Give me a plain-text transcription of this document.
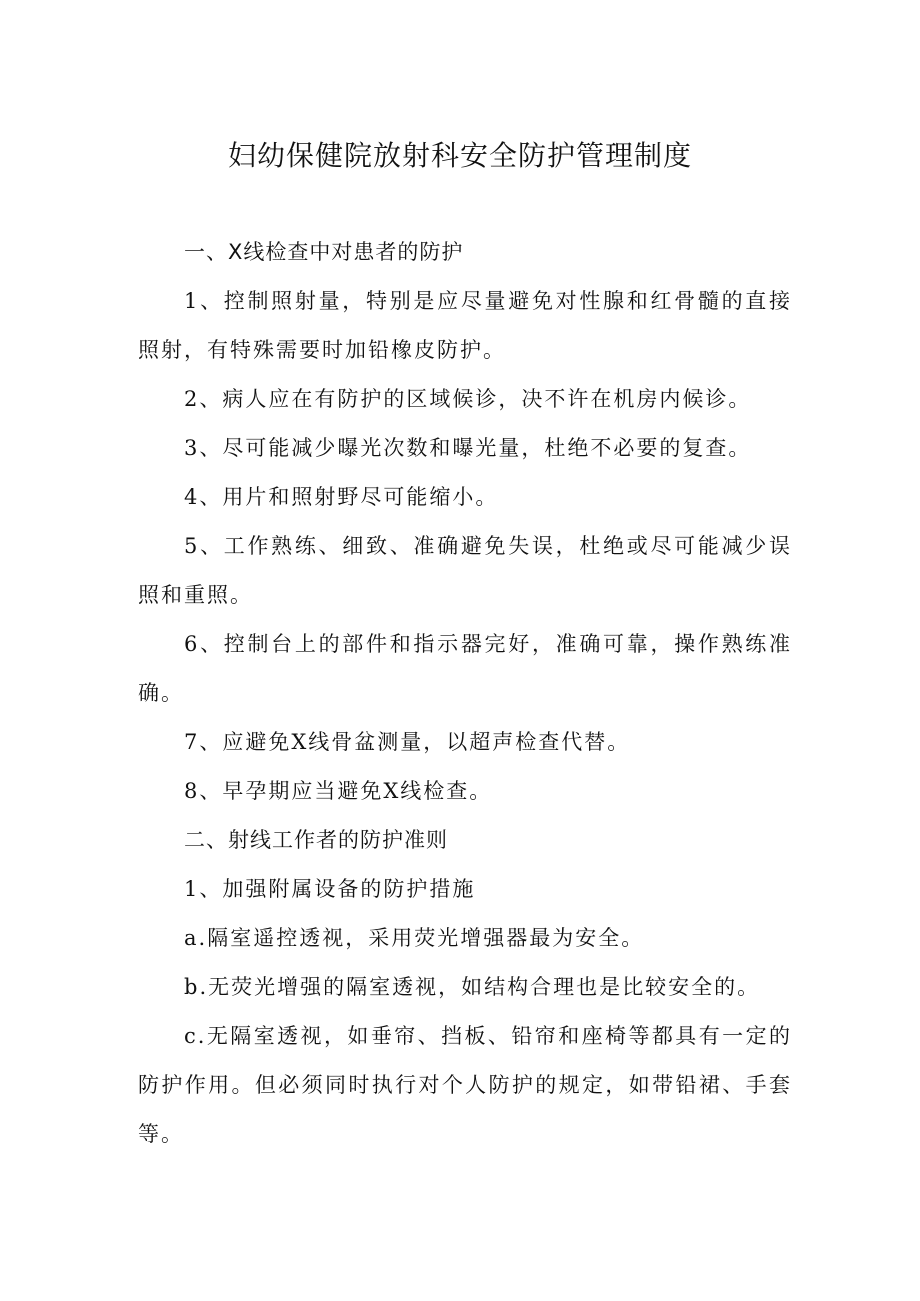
妇幼保健院放射科安全防护管理制度

一、X线检查中对患者的防护

1、控制照射量，特别是应尽量避免对性腺和红骨髓的直接照射，有特殊需要时加铅橡皮防护。

2、病人应在有防护的区域候诊，决不许在机房内候诊。

3、尽可能减少曝光次数和曝光量，杜绝不必要的复查。

4、用片和照射野尽可能缩小。

5、工作熟练、细致、准确避免失误，杜绝或尽可能减少误照和重照。

6、控制台上的部件和指示器完好，准确可靠，操作熟练准确。

7、应避免X线骨盆测量，以超声检查代替。

8、早孕期应当避免X线检查。

二、射线工作者的防护准则

1、加强附属设备的防护措施

a.隔室遥控透视，采用荧光增强器最为安全。

b.无荧光增强的隔室透视，如结构合理也是比较安全的。

c.无隔室透视，如垂帘、挡板、铅帘和座椅等都具有一定的防护作用。但必须同时执行对个人防护的规定，如带铅裙、手套等。
